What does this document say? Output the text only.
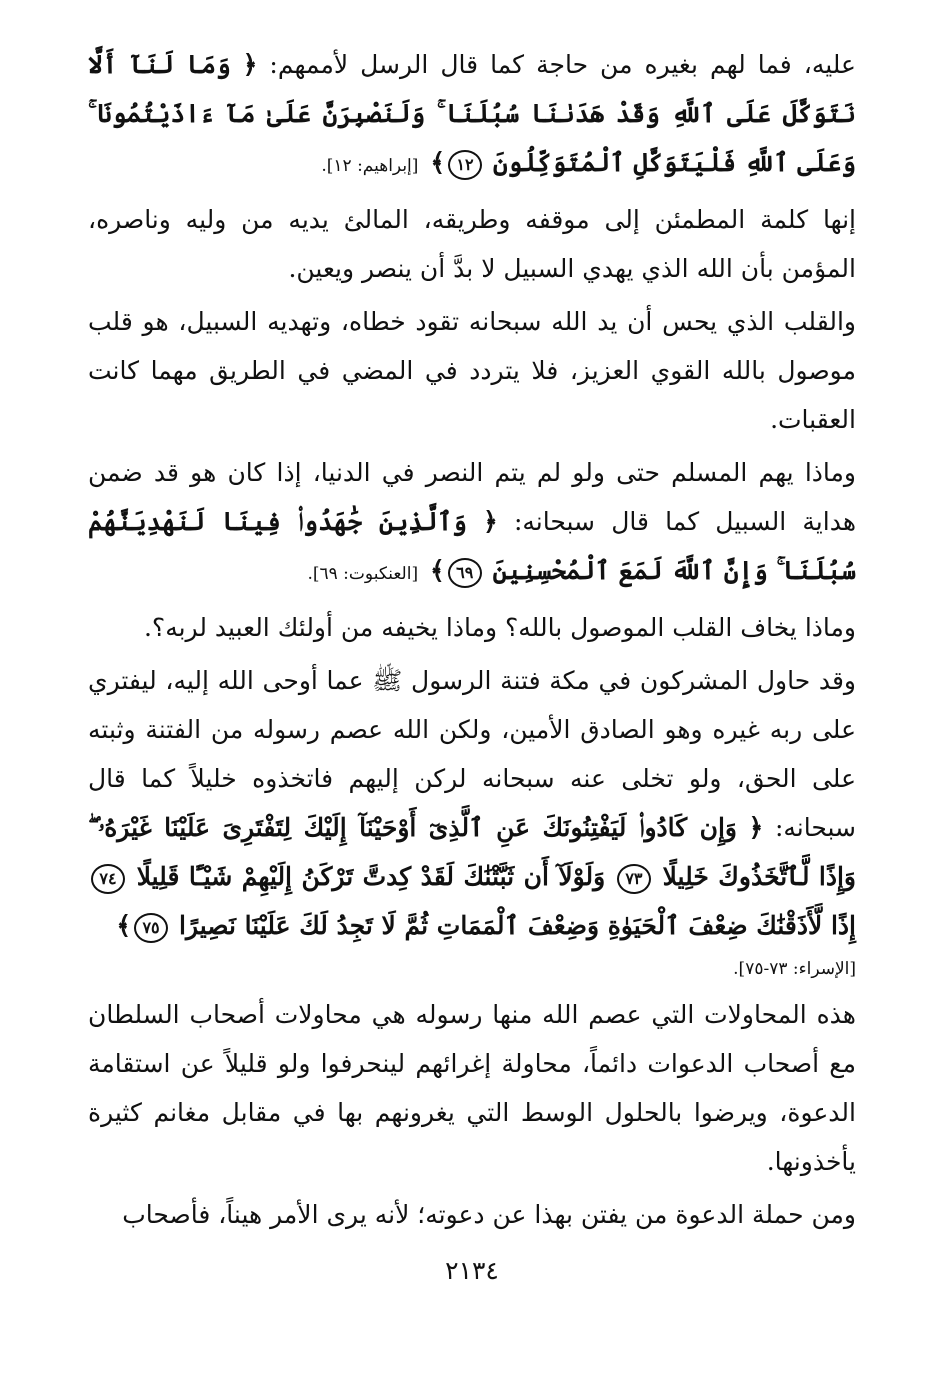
عليه، فما لهم بغيره من حاجة كما قال الرسل لأممهم: ﴿ وَمَا لَنَآ أَلَّا نَتَوَكَّلَ عَلَى ٱللَّهِ وَقَدْ هَدَىٰنَا سُبُلَنَا ۚ وَلَنَصْبِرَنَّ عَلَىٰ مَآ ءَاذَيْتُمُونَا ۚ وَعَلَى ٱللَّهِ فَلْيَتَوَكَّلِ ٱلْمُتَوَكِّلُونَ ١٢﴾ [إبراهيم: ١٢].

إنها كلمة المطمئن إلى موقفه وطريقه، المالئ يديه من وليه وناصره، المؤمن بأن الله الذي يهدي السبيل لا بدَّ أن ينصر ويعين.

والقلب الذي يحس أن يد الله سبحانه تقود خطاه، وتهديه السبيل، هو قلب موصول بالله القوي العزيز، فلا يتردد في المضي في الطريق مهما كانت العقبات.

وماذا يهم المسلم حتى ولو لم يتم النصر في الدنيا، إذا كان هو قد ضمن هداية السبيل كما قال سبحانه: ﴿ وَٱلَّذِينَ جَٰهَدُوا۟ فِينَا لَنَهْدِيَنَّهُمْ سُبُلَنَا ۚ وَإِنَّ ٱللَّهَ لَمَعَ ٱلْمُحْسِنِينَ ٦٩﴾ [العنكبوت: ٦٩].

وماذا يخاف القلب الموصول بالله؟ وماذا يخيفه من أولئك العبيد لربه؟.

وقد حاول المشركون في مكة فتنة الرسول ﷺ عما أوحى الله إليه، ليفتري على ربه غيره وهو الصادق الأمين، ولكن الله عصم رسوله من الفتنة وثبته على الحق، ولو تخلى عنه سبحانه لركن إليهم فاتخذوه خليلاً كما قال سبحانه: ﴿ وَإِن كَادُوا۟ لَيَفْتِنُونَكَ عَنِ ٱلَّذِىٓ أَوْحَيْنَآ إِلَيْكَ لِتَفْتَرِىَ عَلَيْنَا غَيْرَهُۥ ۖ وَإِذًا لَّٱتَّخَذُوكَ خَلِيلًا ٧٣ وَلَوْلَآ أَن ثَبَّتْنَٰكَ لَقَدْ كِدتَّ تَرْكَنُ إِلَيْهِمْ شَيْـًٔا قَلِيلًا ٧٤ إِذًا لَّأَذَقْنَٰكَ ضِعْفَ ٱلْحَيَوٰةِ وَضِعْفَ ٱلْمَمَاتِ ثُمَّ لَا تَجِدُ لَكَ عَلَيْنَا نَصِيرًا ٧٥﴾

[الإسراء: ٧٣-٧٥].

هذه المحاولات التي عصم الله منها رسوله هي محاولات أصحاب السلطان مع أصحاب الدعوات دائماً، محاولة إغرائهم لينحرفوا ولو قليلاً عن استقامة الدعوة، ويرضوا بالحلول الوسط التي يغرونهم بها في مقابل مغانم كثيرة يأخذونها.

ومن حملة الدعوة من يفتن بهذا عن دعوته؛ لأنه يرى الأمر هيناً، فأصحاب

٢١٣٤
